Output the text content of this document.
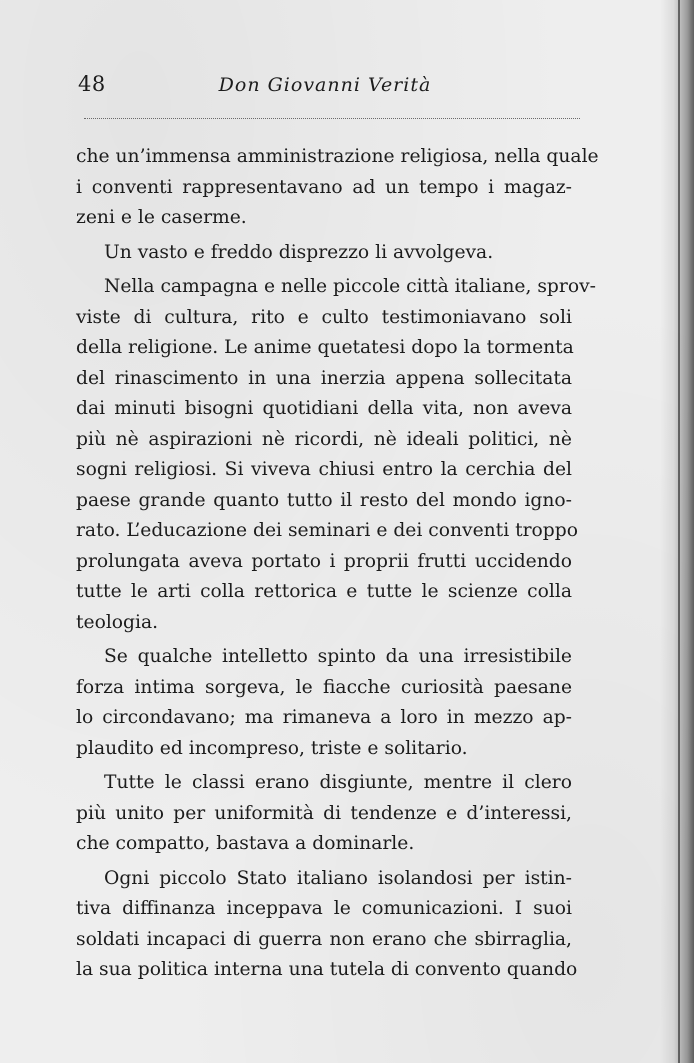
48	Don Giovanni Verità
che un’immensa amministrazione religiosa, nella quale
i conventi rappresentavano ad un tempo i magaz-
zeni e le caserme.
Un vasto e freddo disprezzo li avvolgeva.
Nella campagna e nelle piccole città italiane, sprov-
viste di cultura, rito e culto testimoniavano soli
della religione. Le anime quetatesi dopo la tormenta
del rinascimento in una inerzia appena sollecitata
dai minuti bisogni quotidiani della vita, non aveva
più nè aspirazioni nè ricordi, nè ideali politici, nè
sogni religiosi. Si viveva chiusi entro la cerchia del
paese grande quanto tutto il resto del mondo igno-
rato. L’educazione dei seminari e dei conventi troppo
prolungata aveva portato i proprii frutti uccidendo
tutte le arti colla rettorica e tutte le scienze colla
teologia.
Se qualche intelletto spinto da una irresistibile
forza intima sorgeva, le fiacche curiosità paesane
lo circondavano; ma rimaneva a loro in mezzo ap-
plaudito ed incompreso, triste e solitario.
Tutte le classi erano disgiunte, mentre il clero
più unito per uniformità di tendenze e d’interessi,
che compatto, bastava a dominarle.
Ogni piccolo Stato italiano isolandosi per istin-
tiva diffinanza inceppava le comunicazioni. I suoi
soldati incapaci di guerra non erano che sbirraglia,
la sua politica interna una tutela di convento quando
